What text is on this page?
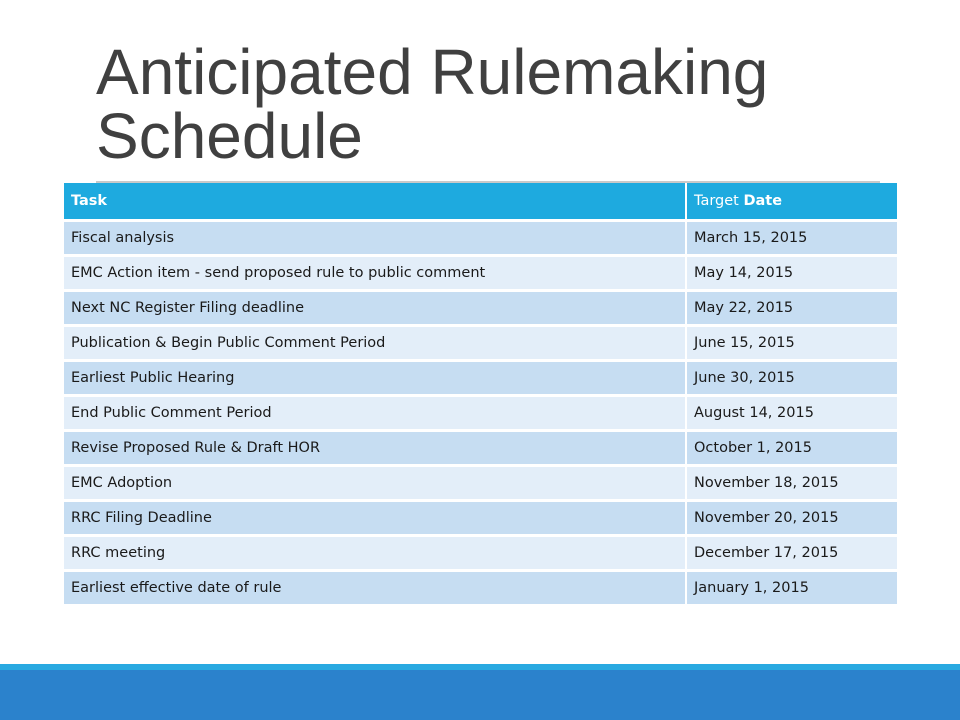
Anticipated Rulemaking Schedule
Task	Target Date
Fiscal analysis	March 15, 2015
EMC Action item - send proposed rule to public comment	May 14, 2015
Next NC Register Filing deadline	May 22, 2015
Publication & Begin Public Comment Period	June 15, 2015
Earliest Public Hearing	June 30, 2015
End Public Comment Period	August 14, 2015
Revise Proposed Rule & Draft HOR	October 1, 2015
EMC Adoption	November 18, 2015
RRC Filing Deadline	November 20, 2015
RRC meeting	December 17, 2015
Earliest effective date of rule	January 1, 2015
